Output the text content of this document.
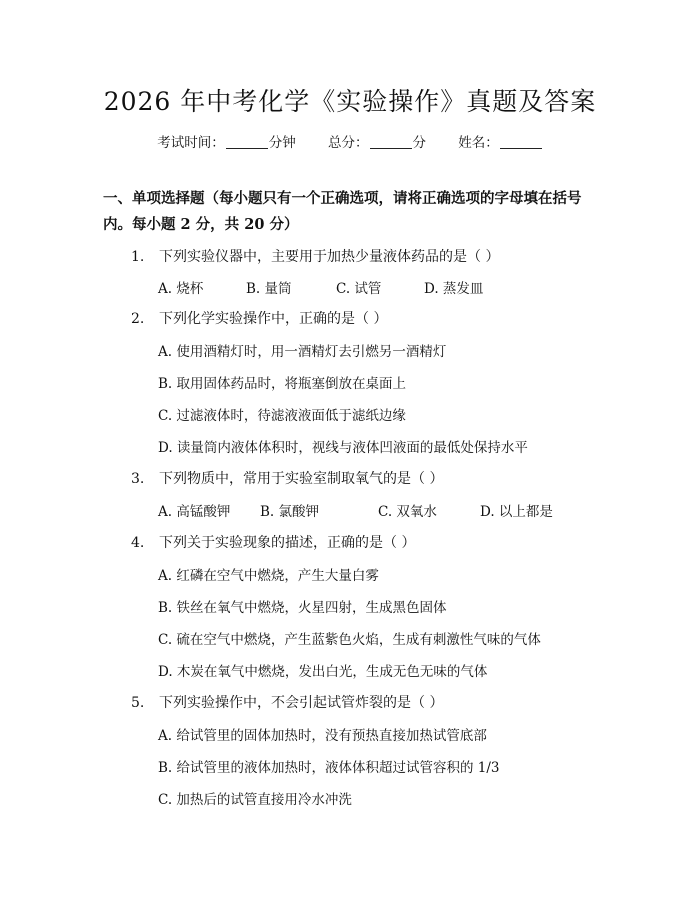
2026 年中考化学《实验操作》真题及答案
考试时间：	分钟 总分：	分 姓名：
一、单项选择题（每小题只有一个正确选项，请将正确选项的字母填在括号内。每小题 2 分，共 20 分）
1. 下列实验仪器中，主要用于加热少量液体药品的是（ ）
A. 烧杯	B. 量筒	C. 试管	D. 蒸发皿
2. 下列化学实验操作中，正确的是（ ）
A. 使用酒精灯时，用一酒精灯去引燃另一酒精灯
B. 取用固体药品时，将瓶塞倒放在桌面上
C. 过滤液体时，待滤液液面低于滤纸边缘
D. 读量筒内液体体积时，视线与液体凹液面的最低处保持水平
3. 下列物质中，常用于实验室制取氧气的是（ ）
A. 高锰酸钾 B. 氯酸钾	C. 双氧水	D. 以上都是
4. 下列关于实验现象的描述，正确的是（ ）
A. 红磷在空气中燃烧，产生大量白雾
B. 铁丝在氧气中燃烧，火星四射，生成黑色固体
C. 硫在空气中燃烧，产生蓝紫色火焰，生成有刺激性气味的气体
D. 木炭在氧气中燃烧，发出白光，生成无色无味的气体
5. 下列实验操作中，不会引起试管炸裂的是（ ）
A. 给试管里的固体加热时，没有预热直接加热试管底部
B. 给试管里的液体加热时，液体体积超过试管容积的 1/3
C. 加热后的试管直接用冷水冲洗
